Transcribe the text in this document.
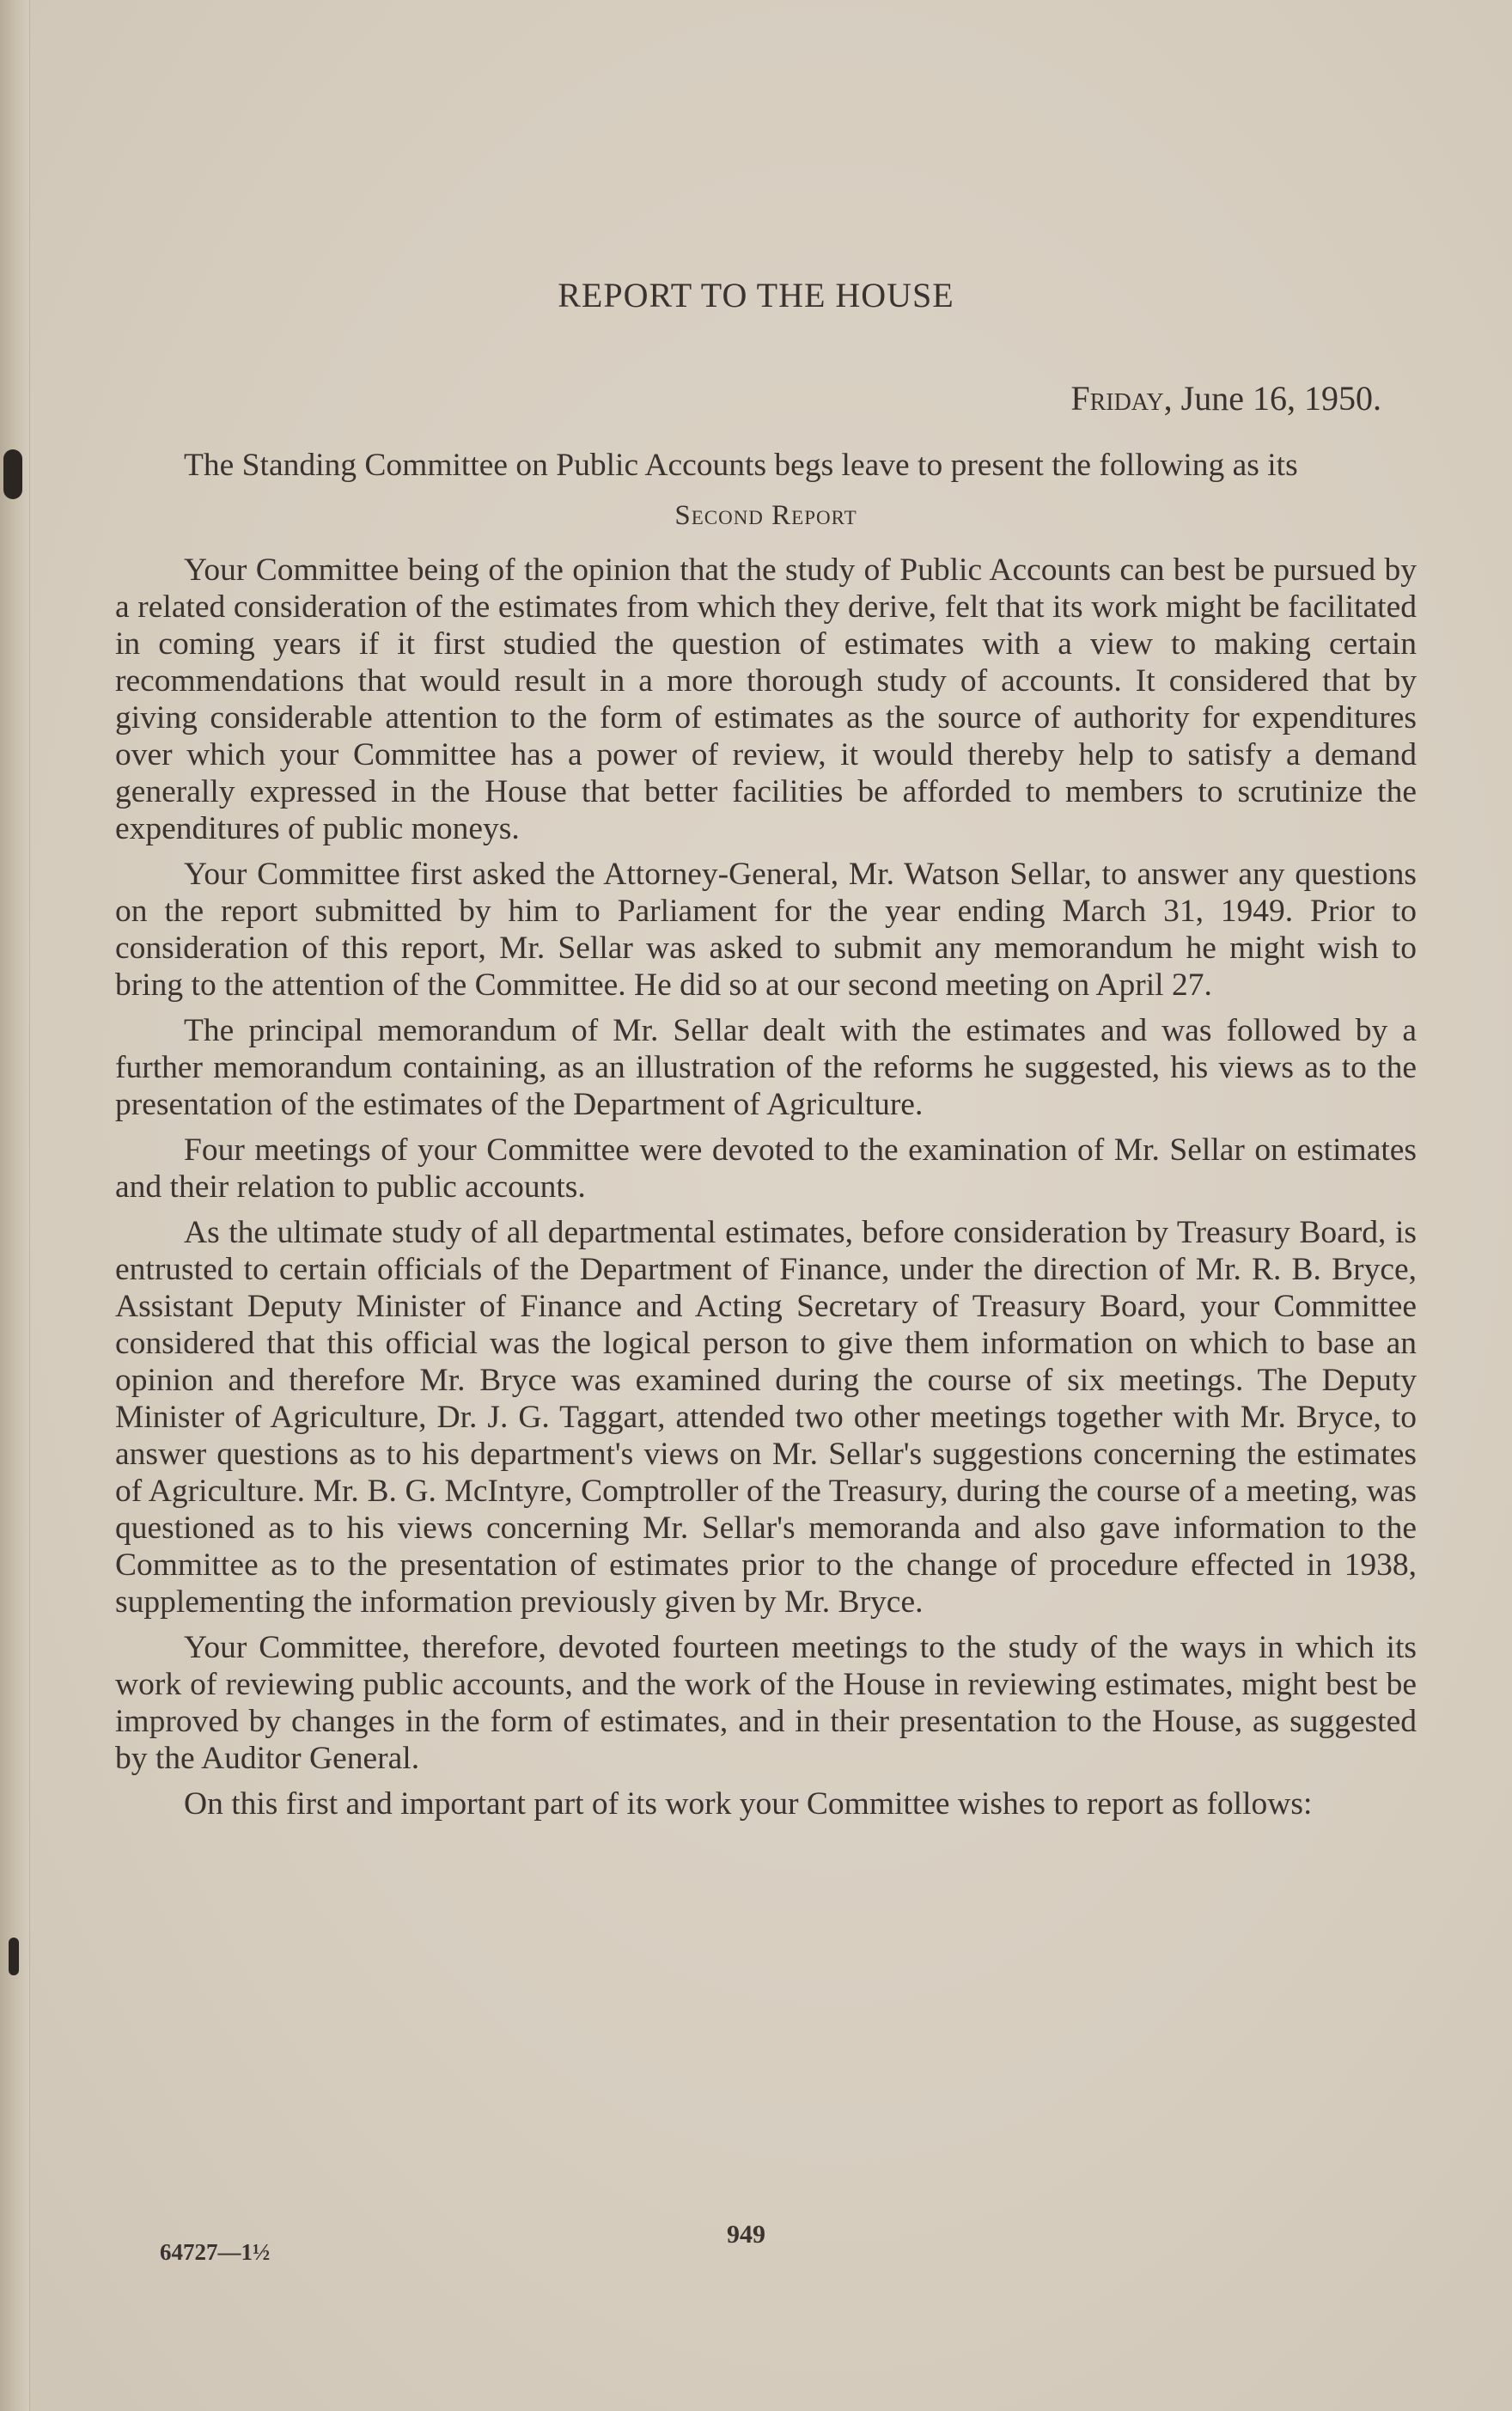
REPORT TO THE HOUSE
Friday, June 16, 1950.

The Standing Committee on Public Accounts begs leave to present the following as its

Second Report

Your Committee being of the opinion that the study of Public Accounts can best be pursued by a related consideration of the estimates from which they derive, felt that its work might be facilitated in coming years if it first studied the question of estimates with a view to making certain recommendations that would result in a more thorough study of accounts. It considered that by giving considerable attention to the form of estimates as the source of authority for expenditures over which your Committee has a power of review, it would thereby help to satisfy a demand generally expressed in the House that better facilities be afforded to members to scrutinize the expenditures of public moneys.

Your Committee first asked the Attorney-General, Mr. Watson Sellar, to answer any questions on the report submitted by him to Parliament for the year ending March 31, 1949. Prior to consideration of this report, Mr. Sellar was asked to submit any memorandum he might wish to bring to the attention of the Committee. He did so at our second meeting on April 27.

The principal memorandum of Mr. Sellar dealt with the estimates and was followed by a further memorandum containing, as an illustration of the reforms he suggested, his views as to the presentation of the estimates of the Department of Agriculture.

Four meetings of your Committee were devoted to the examination of Mr. Sellar on estimates and their relation to public accounts.

As the ultimate study of all departmental estimates, before consideration by Treasury Board, is entrusted to certain officials of the Department of Finance, under the direction of Mr. R. B. Bryce, Assistant Deputy Minister of Finance and Acting Secretary of Treasury Board, your Committee considered that this official was the logical person to give them information on which to base an opinion and therefore Mr. Bryce was examined during the course of six meetings. The Deputy Minister of Agriculture, Dr. J. G. Taggart, attended two other meetings together with Mr. Bryce, to answer questions as to his department's views on Mr. Sellar's suggestions concerning the estimates of Agriculture. Mr. B. G. McIntyre, Comptroller of the Treasury, during the course of a meeting, was questioned as to his views concerning Mr. Sellar's memoranda and also gave information to the Committee as to the presentation of estimates prior to the change of procedure effected in 1938, supplementing the information previously given by Mr. Bryce.

Your Committee, therefore, devoted fourteen meetings to the study of the ways in which its work of reviewing public accounts, and the work of the House in reviewing estimates, might best be improved by changes in the form of estimates, and in their presentation to the House, as suggested by the Auditor General.

On this first and important part of its work your Committee wishes to report as follows:

949
64727—1½
